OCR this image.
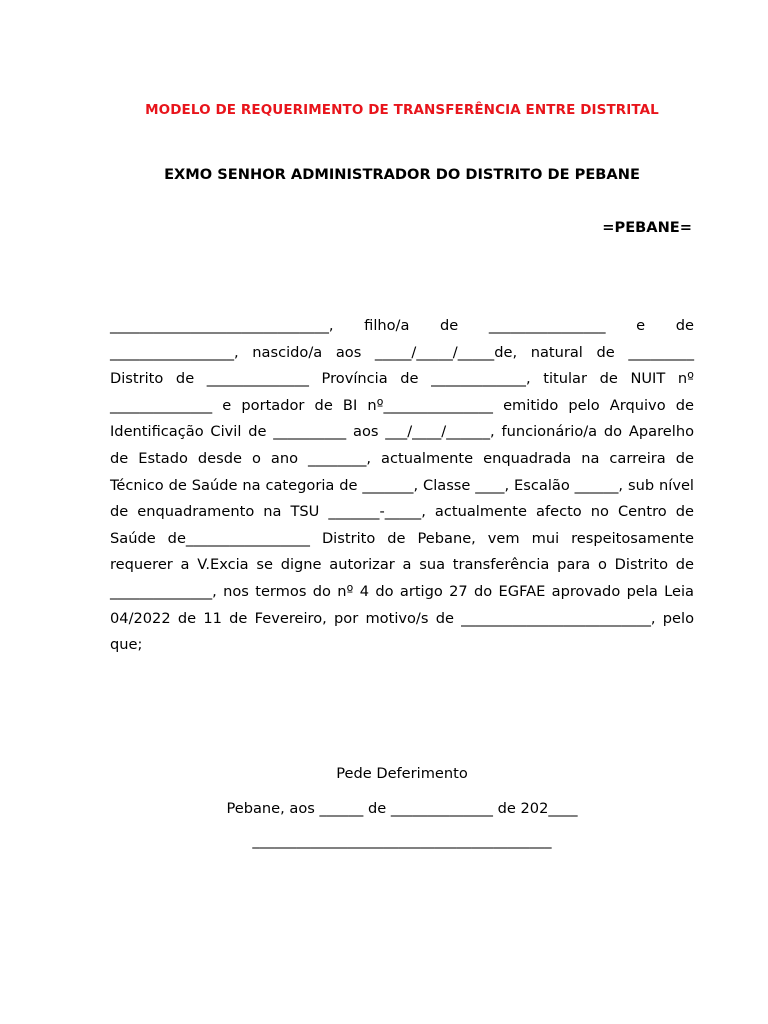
MODELO DE REQUERIMENTO DE TRANSFERÊNCIA ENTRE DISTRITAL
EXMO SENHOR ADMINISTRADOR DO DISTRITO DE PEBANE
=PEBANE=
______________________________, filho/a de ________________ e de _________________, nascido/a aos _____/_____/_____de, natural de _________ Distrito de ______________ Província de _____________, titular de NUIT nº ______________ e portador de BI nº_______________ emitido pelo Arquivo de Identificação Civil de __________ aos ___/____/______, funcionário/a do Aparelho de Estado desde o ano ________, actualmente enquadrada na carreira de Técnico de Saúde na categoria de _______, Classe ____, Escalão ______, sub nível de enquadramento na TSU _______-_____, actualmente afecto no Centro de Saúde de_________________ Distrito de Pebane, vem mui respeitosamente requerer a V.Excia se digne autorizar a sua transferência para o Distrito de ______________, nos termos do nº 4 do artigo 27 do EGFAE aprovado pela Leia 04/2022 de 11 de Fevereiro, por motivo/s de __________________________, pelo que;
Pede Deferimento
Pebane, aos ______ de ______________ de 202____
_________________________________________
